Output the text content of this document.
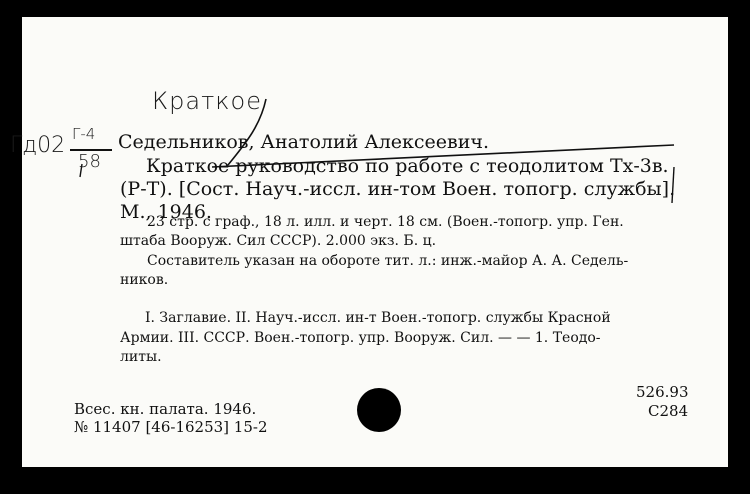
Краткое
Гд02 Г-4
58
Седельников, Анатолий Алексеевич.
Краткое руководство по работе с теодолитом Тх-3в.
(Р-Т). [Сост. Науч.-иссл. ин-том Воен. топогр. службы].
М., 1946.
23 стр. с граф., 18 л. илл. и черт. 18 см. (Воен.-топогр. упр. Ген.
штаба Вооруж. Сил СССР). 2.000 экз. Б. ц.
Составитель указан на обороте тит. л.: инж.-майор А. А. Седель-
ников.
I. Заглавие. II. Науч.-иссл. ин-т Воен.-топогр. службы Красной
Армии. III. СССР. Воен.-топогр. упр. Вооруж. Сил. — — 1. Теодо-
литы.
Всес. кн. палата. 1946.
№ 11407 [46-16253] 15-2
526.93
С284
